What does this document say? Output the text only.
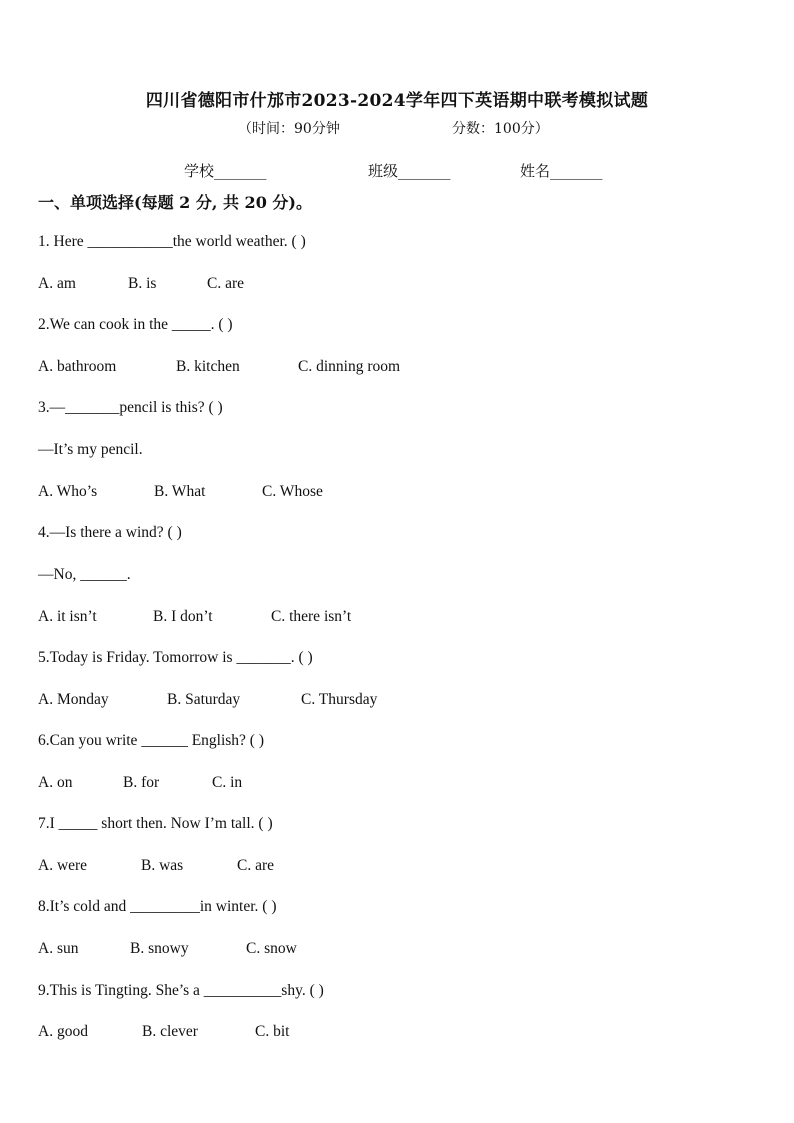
四川省德阳市什邡市2023-2024学年四下英语期中联考模拟试题
（时间：90分钟	分数：100分）
学校_______	班级_______	姓名_______
一、单项选择(每题 2 分, 共 20 分)。
1. Here ___________the world weather. ( )
A. am	B. is	C. are
2.We can cook in the _____. ( )
A. bathroom	B. kitchen	C. dinning room
3.—_______pencil is this? ( )
—It’s my pencil.
A. Who’s	B. What	C. Whose
4.—Is there a wind? ( )
—No, ______.
A. it isn’t	B. I don’t	C. there isn’t
5.Today is Friday. Tomorrow is _______. ( )
A. Monday	B. Saturday	C. Thursday
6.Can you write ______ English? ( )
A. on	B. for	C. in
7.I _____ short then. Now I’m tall. ( )
A. were	B. was	C. are
8.It’s cold and _________in winter. ( )
A. sun	B. snowy	C. snow
9.This is Tingting. She’s a __________shy. ( )
A. good	B. clever	C. bit
